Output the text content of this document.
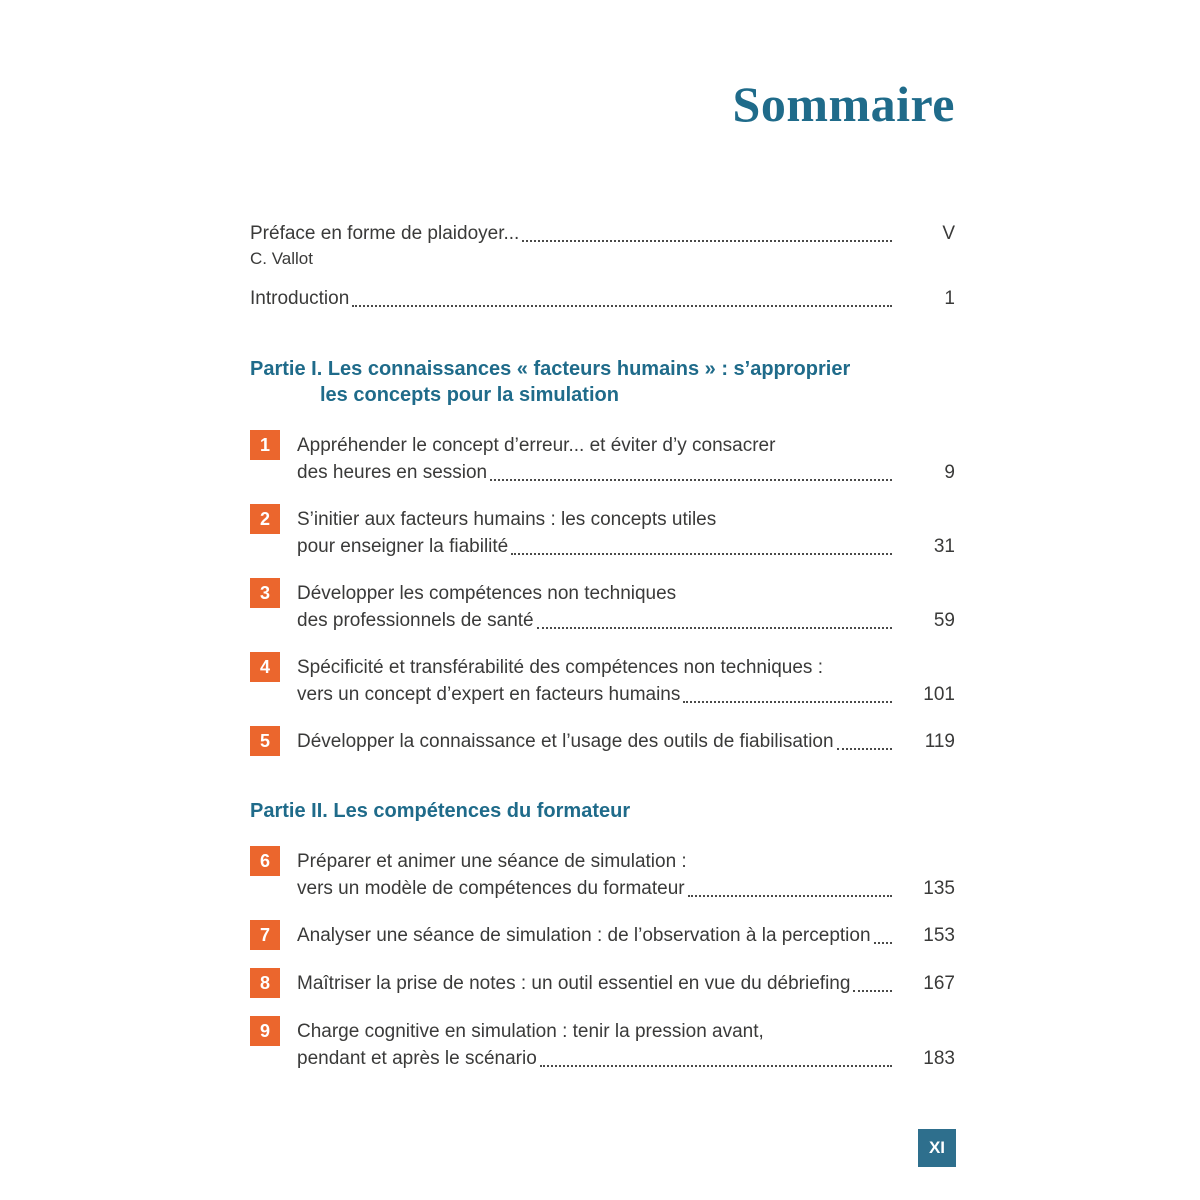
Sommaire
Préface en forme de plaidoyer...	V
C. Vallot
Introduction	1
Partie I. Les connaissances « facteurs humains » : s’approprier
les concepts pour la simulation
1	Appréhender le concept d’erreur... et éviter d’y consacrer
des heures en session	9
2	S’initier aux facteurs humains : les concepts utiles
pour enseigner la fiabilité	31
3	Développer les compétences non techniques
des professionnels de santé	59
4	Spécificité et transférabilité des compétences non techniques :
vers un concept d’expert en facteurs humains	101
5	Développer la connaissance et l’usage des outils de fiabilisation	119
Partie II. Les compétences du formateur
6	Préparer et animer une séance de simulation :
vers un modèle de compétences du formateur	135
7	Analyser une séance de simulation : de l’observation à la perception	153
8	Maîtriser la prise de notes : un outil essentiel en vue du débriefing	167
9	Charge cognitive en simulation : tenir la pression avant,
pendant et après le scénario	183
XI
